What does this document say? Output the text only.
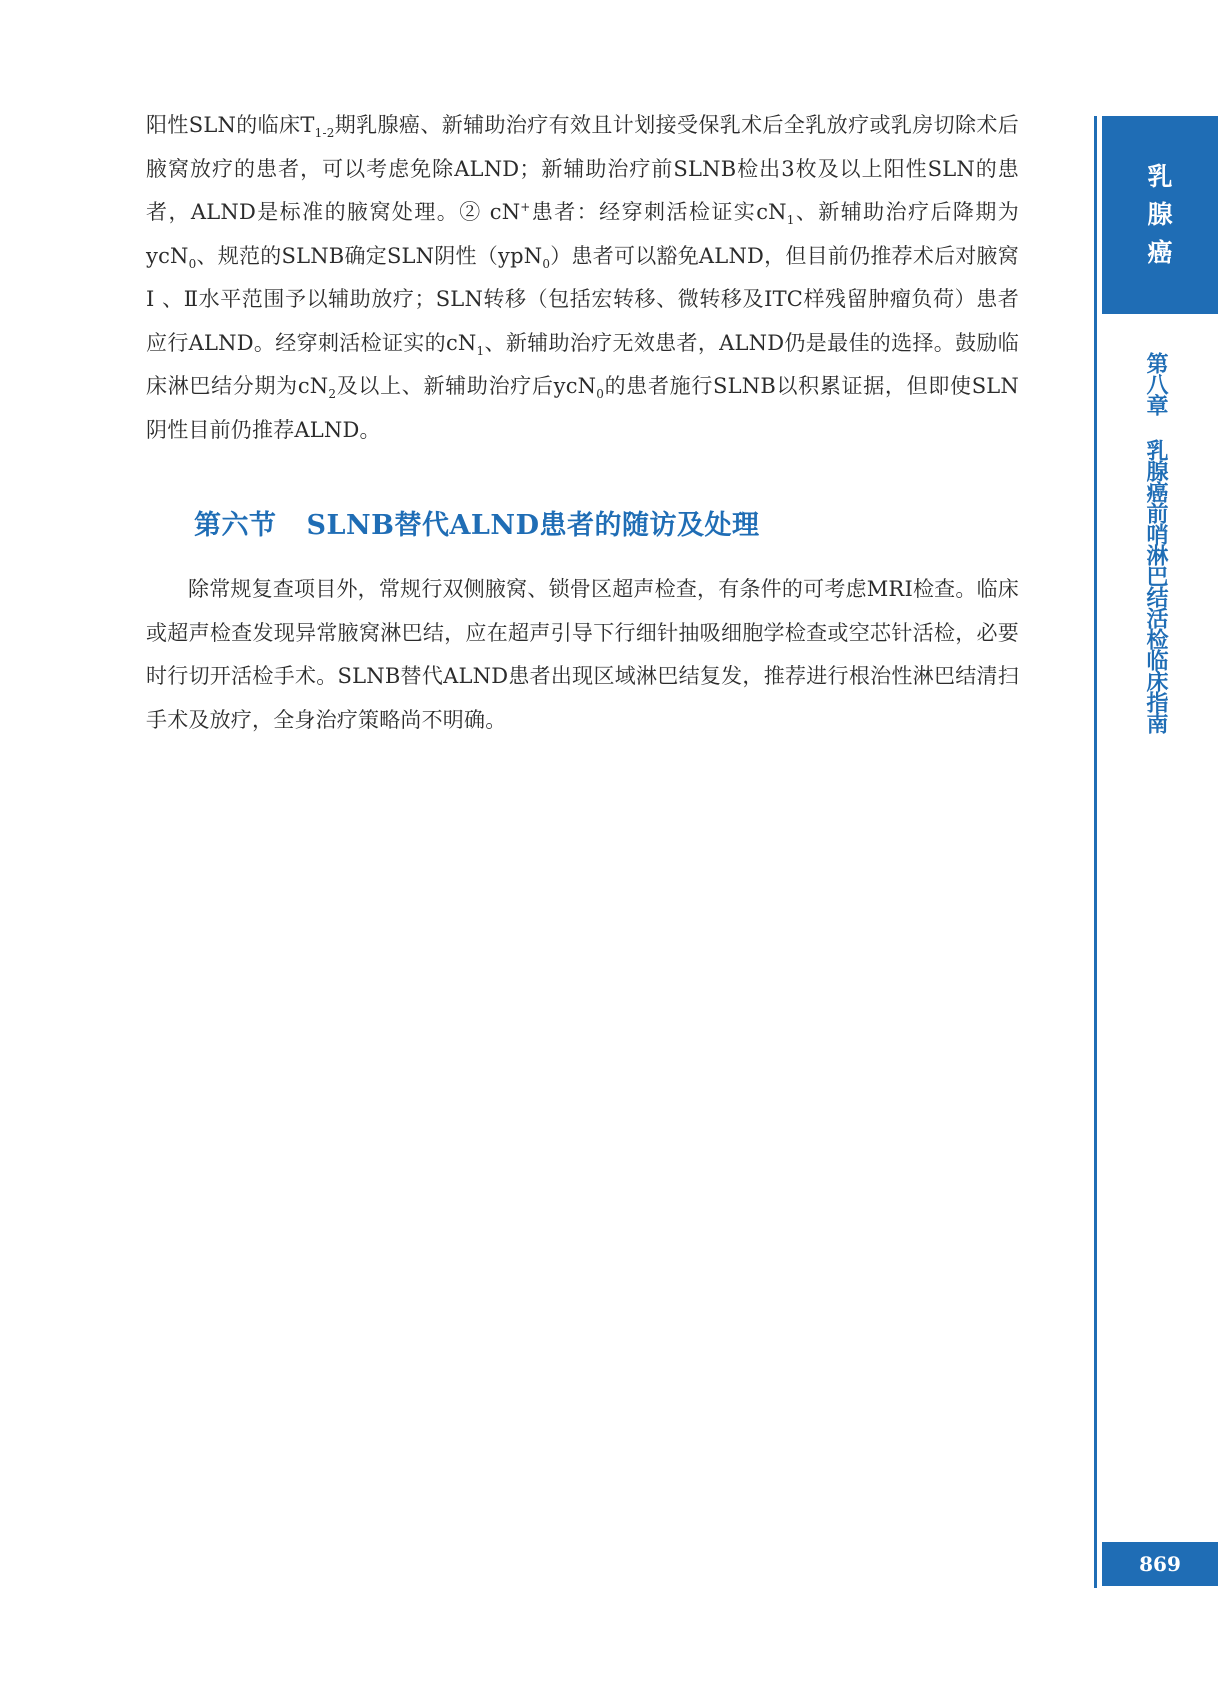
阳性SLN的临床$T_{1-2}$期乳腺癌、新辅助治疗有效且计划接受保乳术后全乳放疗或乳房切除术后腋窝放疗的患者，可以考虑免除ALND；新辅助治疗前SLNB检出3枚及以上阳性SLN的患者，ALND是标准的腋窝处理。② cN+患者：经穿刺活检证实$cN_1$、新辅助治疗后降期为ycN$_0$、规范的SLNB确定SLN阴性（ypN$_0$）患者可以豁免ALND，但目前仍推荐术后对腋窝 Ⅰ 、Ⅱ水平范围予以辅助放疗；SLN转移（包括宏转移、微转移及ITC样残留肿瘤负荷）患者应行ALND。经穿刺活检证实的$cN_1$、新辅助治疗无效患者，ALND仍是最佳的选择。鼓励临床淋巴结分期为$cN_2$及以上、新辅助治疗后ycN$_0$的患者施行SLNB以积累证据，但即使SLN阴性目前仍推荐ALND。

第六节 SLNB替代ALND患者的随访及处理

除常规复查项目外，常规行双侧腋窝、锁骨区超声检查，有条件的可考虑MRI检查。临床或超声检查发现异常腋窝淋巴结，应在超声引导下行细针抽吸细胞学检查或空芯针活检，必要时行切开活检手术。SLNB替代ALND患者出现区域淋巴结复发，推荐进行根治性淋巴结清扫手术及放疗，全身治疗策略尚不明确。

乳
腺
癌
第八章乳腺癌前哨淋巴结活检临床指南
869
